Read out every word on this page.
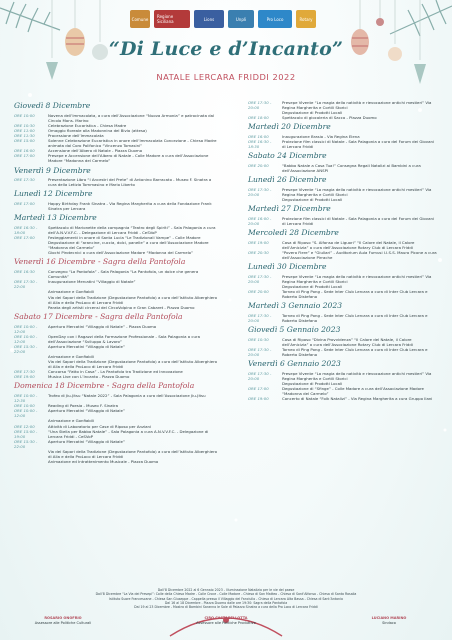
Comune	Regione Siciliana	Lions	Unpli	Pro Loco	Rotary
“Di Luce e d’Incanto”
NATALE LERCARA FRIDDI 2022
Giovedì 8 Dicembre
ORE 10:00	Novena dell’Immacolata, a cura dell’Associazione “Nuova Armonia” e patrocinata dal Circolo Mons. Marino
ORE 10:30	Celebrazione Eucaristica - Chiesa Madre
ORE 11:00	Omaggio floreale alla Madonnina del Bivio (attesa)
ORE 11:30	Processione dell’Immacolata
ORE 15:00	Solenne Celebrazione Eucaristica in onore dell’Immacolata Concezione - Chiesa Madre animata dal Coro Polifonico “Vincenzo Tomasini”
ORE 16:00	Accensione dell’Albero di Natale - Piazza Duomo
ORE 17:00	Presepe e Accensione dell’Albero di Natale - Colle Madore a cura dell’Associazione Madore “Madonna del Carmelo”
Venerdì 9 Dicembre
ORE 17:30	Presentazione Libro “I Ancestri del Prete” di Antonino Barracato - Museo F. Sinatra a cura della Letizia Tommasino e Mario Liberto
Lunedì 12 Dicembre
ORE 17:00	Happy Birthday Frank Sinatra - Via Regina Margherita a cura della Fondazione Frank Sinatra per Lercara
Martedì 13 Dicembre
ORE 16:30 - 18:00
Spettacolo di Marionette della compagnia “Teatro degli Spiriti” - Sala Palagonia a cura dell’A.N.V.V.F.C. - Delegazione di Lercara Friddi - CeSVoP
ORE 17:00	Festeggiamenti in onore di Santa Lucia “Le Tradizionali Vampe” - Colle Madore
Degustazione di “arancine, cuccia, dolci, panelle” a cura dell’Associazione Madore “Madonna del Carmelo”
Giochi Pirotecnici a cura dell’Associazione Madore “Madonna del Carmelo”
Venerdì 16 Dicembre - Sagra della Pantofola
ORE 16:30	Convegno “La Pantofola” - Sala Palagonia “La Pantofola, un dolce che genera Comunità”
ORE 17:30 - 22:00
Inaugurazione Mercatini “Villaggio di Natale”
Animazione e Gonfiabili
Via dei Sapori della Tradizione (Degustazione Pantofola) a cura dell’Istituto Alberghiero di Alia e della ProLoco di Lercara Friddi
Parata degli artisti circensi del CircoVolpino e Gran Cabaret - Piazza Duomo
Sabato 17 Dicembre - Sagra della Pantofola
ORE 10:00 - 12:00
Apertura Mercatini “Villaggio di Natale” - Piazza Duomo
ORE 10:00 - 12:00
OpenDay con i Ragazzi della Formazione Professionale - Sala Palagonia a cura dell’Associazione “Sviluppo & Lavoro”
ORE 15:30 - 22:00
Apertura Mercatini “Villaggio di Natale”
Animazione e Gonfiabili
Via dei Sapori della Tradizione (Degustazione Pantofola) a cura dell’Istituto Alberghiero di Alia e della ProLoco di Lercara Friddi
ORE 17:30	Concorso “Fatto in Casa” - La Pantofola tra Tradizione ed Innovazione
ORE 19:00	Musica Live con L’Incanto - Piazza Duomo
Domenica 18 Dicembre - Sagra della Pantofola
ORE 10:00 - 12:30
Trofeo di Jiu-Jitsu “Natale 2022” - Sala Palagonia a cura dell’Associazione Jiu-Jitsu
ORE 10:00	Reading di Poesia - Museo F. Sinatra
ORE 10:00 - 12:00
Apertura Mercatini “Villaggio di Natale”
Animazione e Gonfiabili
ORE 12:00	Attività di Laboratorio per Case di Riposo per Anziani
ORE 15:00 - 19:00
“Una Stella per Babbo Natale” - Sala Palagonia a cura A.N.V.V.F.C. - Delegazione di Lercara Friddi - CeSVoP
ORE 15:30 - 22:00
Apertura Mercatini “Villaggio di Natale”
Via dei Sapori della Tradizione (Degustazione Pantofola) a cura dell’Istituto Alberghiero di Alia e della ProLoco di Lercara Friddi
Animazione ed Intrattenimento Musicale - Piazza Duomo
ORE 17:30 - 20:00
Presepe Vivente “La magia della natività e rievocazione antichi mestieri” Via Regina Margherita e Cortili Storici
Degustazione di Prodotti Locali
ORE 18:00	Spettacolo di giocoleria di Sacco - Piazza Duomo
Martedì 20 Dicembre
ORE 16:00	Inaugurazione Brasio - Via Regina Elena
ORE 16:30 - 18:30
Proiezione film classici di Natale - Sala Palagonia a cura del Forum dei Giovani di Lercara Friddi
Sabato 24 Dicembre
ORE 20:00	“Babbo Natale a Casa Tua!” Consegna Regali Natalizi ai Bambini a cura dell’Associazione ANSPI
Lunedì 26 Dicembre
ORE 17:30 - 20:00
Presepe Vivente “La magia della natività e rievocazione antichi mestieri” Via Regina Margherita e Cortili Storici
Degustazione di Prodotti Locali
Martedì 27 Dicembre
ORE 16:00 - 20:00
Proiezione film classici di Natale - Sala Palagonia a cura del Forum dei Giovani di Lercara Friddi
Mercoledì 28 Dicembre
ORE 19:00	Casa di Riposo “S. Alfonso de Liguori” “Il Calore del Natale, il Calore dell’Amicizia” a cura dell’Associazione Rotary Club di Lercara Friddi
ORE 20:30	“Povero Fiere” e “Giullari” - Auditorium Aula Fumusi I.I.S.S. Mauro Picone a cura dell’Associazione Pirrache
Lunedì 30 Dicembre
ORE 17:30 - 20:00
Presepe Vivente “La magia della natività e rievocazione antichi mestieri” Via Regina Margherita e Cortili Storici
Degustazione di Prodotti Locali
ORE 20:00	Torneo di Ping Pong - Sede Inter Club Lercara a cura di Inter Club Lercara e Roberto Distefano
Martedì 3 Gennaio 2023
ORE 17:30 - 20:00
Torneo di Ping Pong - Sede Inter Club Lercara a cura di Inter Club Lercara e Roberto Distefano
Giovedì 5 Gennaio 2023
ORE 10:30	Casa di Riposo “Divina Provvidenza” “Il Calore del Natale, il Calore dell’Amicizia” a cura dell’Associazione Rotary Club di Lercara Friddi
ORE 17:30 - 20:00
Torneo di Ping Pong - Sede Inter Club Lercara a cura di Inter Club Lercara e Roberto Distefano
Venerdì 6 Gennaio 2023
ORE 17:30 - 20:00
Presepe Vivente “La magia della natività e rievocazione antichi mestieri” Via Regina Margherita e Cortili Storici
Degustazione di Prodotti Locali
ORE 17:00	Degustazione di “Sfinge” - Colle Madore a cura dell’Associazione Madore “Madonna del Carmelo”
ORE 19:00	Concerto di Natale “Folk Natalizi” - Via Regina Margherita a cura Gruppo Ilani
Dall’8 Dicembre 2022 al 6 Gennaio 2023 - Illuminazione Natalizia per le vie del paese
Dall’8 Dicembre “La Via dei Presepi”: Colle della Chiesa Madre - Colle Croce - Colle Madore - Chiesa di San Matteo - Chiesa di Sant’Alfonso - Chiesa di Santa Rosalia
Istituto Suore Francescane - Chiesa San Giuseppe - Cappella presso il Villaggio del Fanciullo - Chiesa di Lercara Alta Bassa - Chiesa di Sant’Antonio
Dal 16 al 18 Dicembre - Piazza Duomo dalle ore 19:30: Sagra della Pantofola
Dal 19 al 23 Dicembre - Mostra di Bambini Saranno le Sale di Palazzo Sinatra a cura della Pro Loco di Lercara Friddi
ROSARIO ONOFRIO
Assessore alle Politiche Culturali
CIRO CASTABELLOTTA
Assessore alle Politiche Produttive
LUCIANO MARINO
Sindaco
